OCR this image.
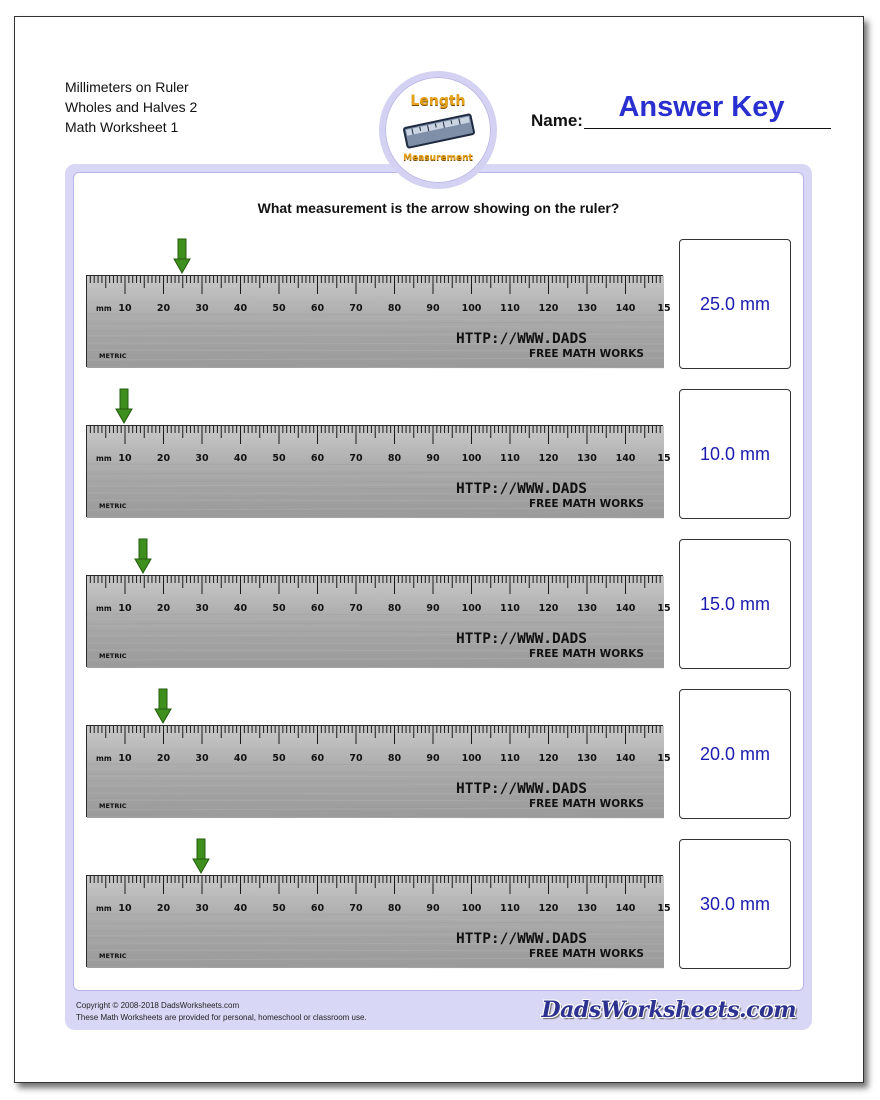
Millimeters on Ruler
Wholes and Halves 2
Math Worksheet 1
Length
Measurement
Name:	Answer Key
What measurement is the arrow showing on the ruler?
mm 10	20	30	40	50	60	70	80	90 100 110 120 130 140 15
HTTP://WWW.DADS
FREE MATH WORKS
METRIC
25.0 mm
mm 10	20	30	40	50	60	70	80	90 100 110 120 130 140 15
HTTP://WWW.DADS
FREE MATH WORKS
METRIC
10.0 mm
mm 10	20	30	40	50	60	70	80	90 100 110 120 130 140 15
HTTP://WWW.DADS
FREE MATH WORKS
METRIC
15.0 mm
mm 10	20	30	40	50	60	70	80	90 100 110 120 130 140 15
HTTP://WWW.DADS
FREE MATH WORKS
METRIC
20.0 mm
mm 10	20	30	40	50	60	70	80	90 100 110 120 130 140 15
HTTP://WWW.DADS
FREE MATH WORKS
METRIC
30.0 mm
Copyright © 2008-2018 DadsWorksheets.com
These Math Worksheets are provided for personal, homeschool or classroom use.	DadsWorksheets.com
